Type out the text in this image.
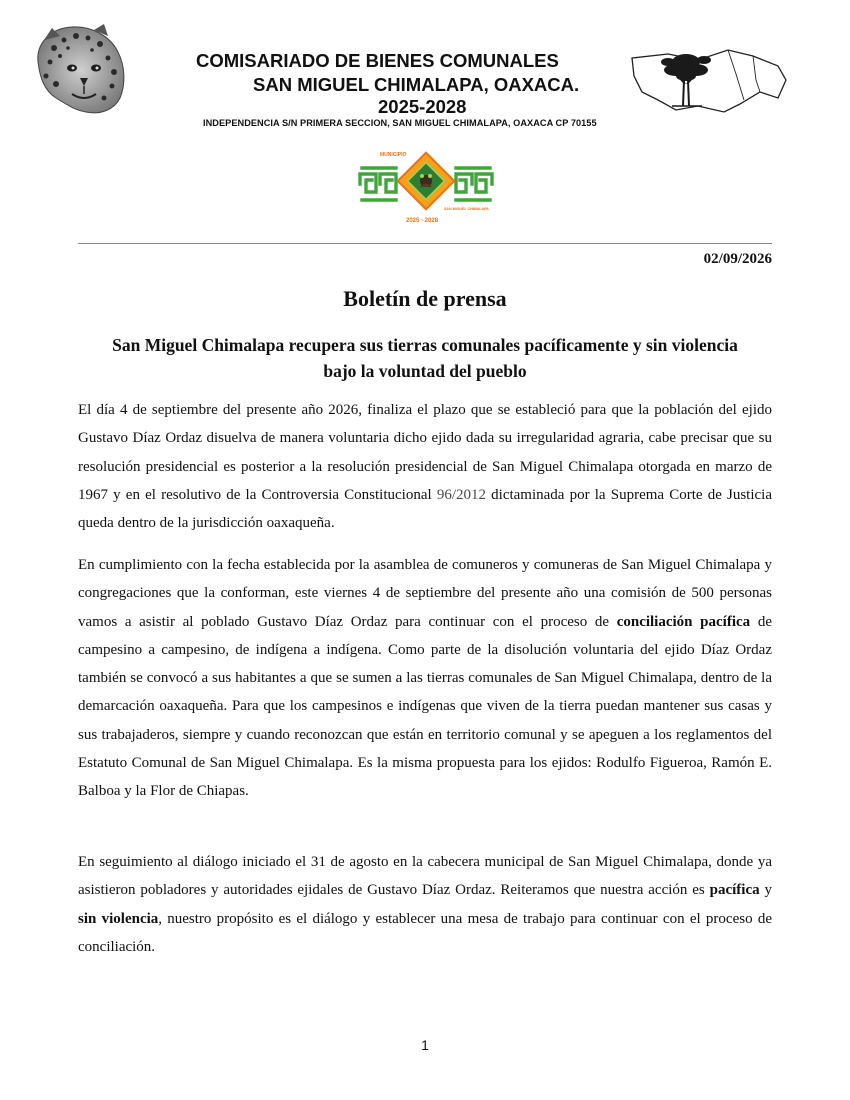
COMISARIADO DE BIENES COMUNALES
SAN MIGUEL CHIMALAPA, OAXACA.
2025-2028
INDEPENDENCIA S/N PRIMERA SECCION, SAN MIGUEL CHIMALAPA, OAXACA CP 70155
MUNICIPIO
2025 - 2028
SAN MIGUEL CHIMALAPA
02/09/2026
Boletín de prensa
San Miguel Chimalapa recupera sus tierras comunales pacíficamente y sin violencia bajo la voluntad del pueblo

El día 4 de septiembre del presente año 2026, finaliza el plazo que se estableció para que la población del ejido Gustavo Díaz Ordaz disuelva de manera voluntaria dicho ejido dada su irregularidad agraria, cabe precisar que su resolución presidencial es posterior a la resolución presidencial de San Miguel Chimalapa otorgada en marzo de 1967 y en el resolutivo de la Controversia Constitucional 96/2012 dictaminada por la Suprema Corte de Justicia queda dentro de la jurisdicción oaxaqueña.

En cumplimiento con la fecha establecida por la asamblea de comuneros y comuneras de San Miguel Chimalapa y congregaciones que la conforman, este viernes 4 de septiembre del presente año una comisión de 500 personas vamos a asistir al poblado Gustavo Díaz Ordaz para continuar con el proceso de conciliación pacífica de campesino a campesino, de indígena a indígena. Como parte de la disolución voluntaria del ejido Díaz Ordaz también se convocó a sus habitantes a que se sumen a las tierras comunales de San Miguel Chimalapa, dentro de la demarcación oaxaqueña. Para que los campesinos e indígenas que viven de la tierra puedan mantener sus casas y sus trabajaderos, siempre y cuando reconozcan que están en territorio comunal y se apeguen a los reglamentos del Estatuto Comunal de San Miguel Chimalapa. Es la misma propuesta para los ejidos: Rodulfo Figueroa, Ramón E. Balboa y la Flor de Chiapas.

En seguimiento al diálogo iniciado el 31 de agosto en la cabecera municipal de San Miguel Chimalapa, donde ya asistieron pobladores y autoridades ejidales de Gustavo Díaz Ordaz. Reiteramos que nuestra acción es pacífica y sin violencia, nuestro propósito es el diálogo y establecer una mesa de trabajo para continuar con el proceso de conciliación.

1
